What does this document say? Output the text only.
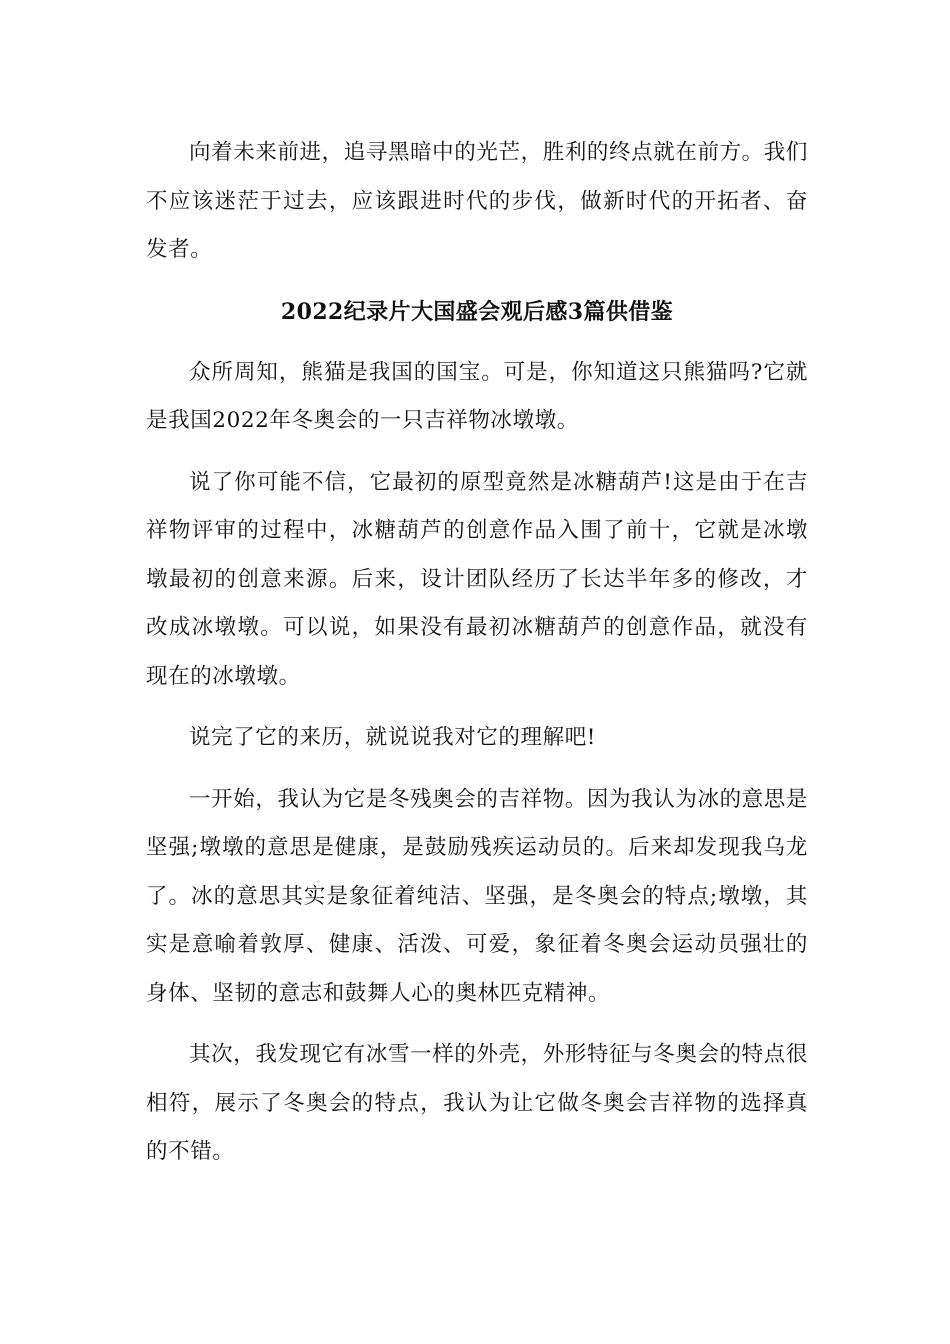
向着未来前进，追寻黑暗中的光芒，胜利的终点就在前方。我们不应该迷茫于过去，应该跟进时代的步伐，做新时代的开拓者、奋发者。

2022纪录片大国盛会观后感3篇供借鉴

众所周知，熊猫是我国的国宝。可是，你知道这只熊猫吗?它就是我国2022年冬奥会的一只吉祥物冰墩墩。

说了你可能不信，它最初的原型竟然是冰糖葫芦!这是由于在吉祥物评审的过程中，冰糖葫芦的创意作品入围了前十，它就是冰墩墩最初的创意来源。后来，设计团队经历了长达半年多的修改，才改成冰墩墩。可以说，如果没有最初冰糖葫芦的创意作品，就没有现在的冰墩墩。

说完了它的来历，就说说我对它的理解吧!

一开始，我认为它是冬残奥会的吉祥物。因为我认为冰的意思是坚强;墩墩的意思是健康，是鼓励残疾运动员的。后来却发现我乌龙了。冰的意思其实是象征着纯洁、坚强，是冬奥会的特点;墩墩，其实是意喻着敦厚、健康、活泼、可爱，象征着冬奥会运动员强壮的身体、坚韧的意志和鼓舞人心的奥林匹克精神。

其次，我发现它有冰雪一样的外壳，外形特征与冬奥会的特点很相符，展示了冬奥会的特点，我认为让它做冬奥会吉祥物的选择真的不错。
